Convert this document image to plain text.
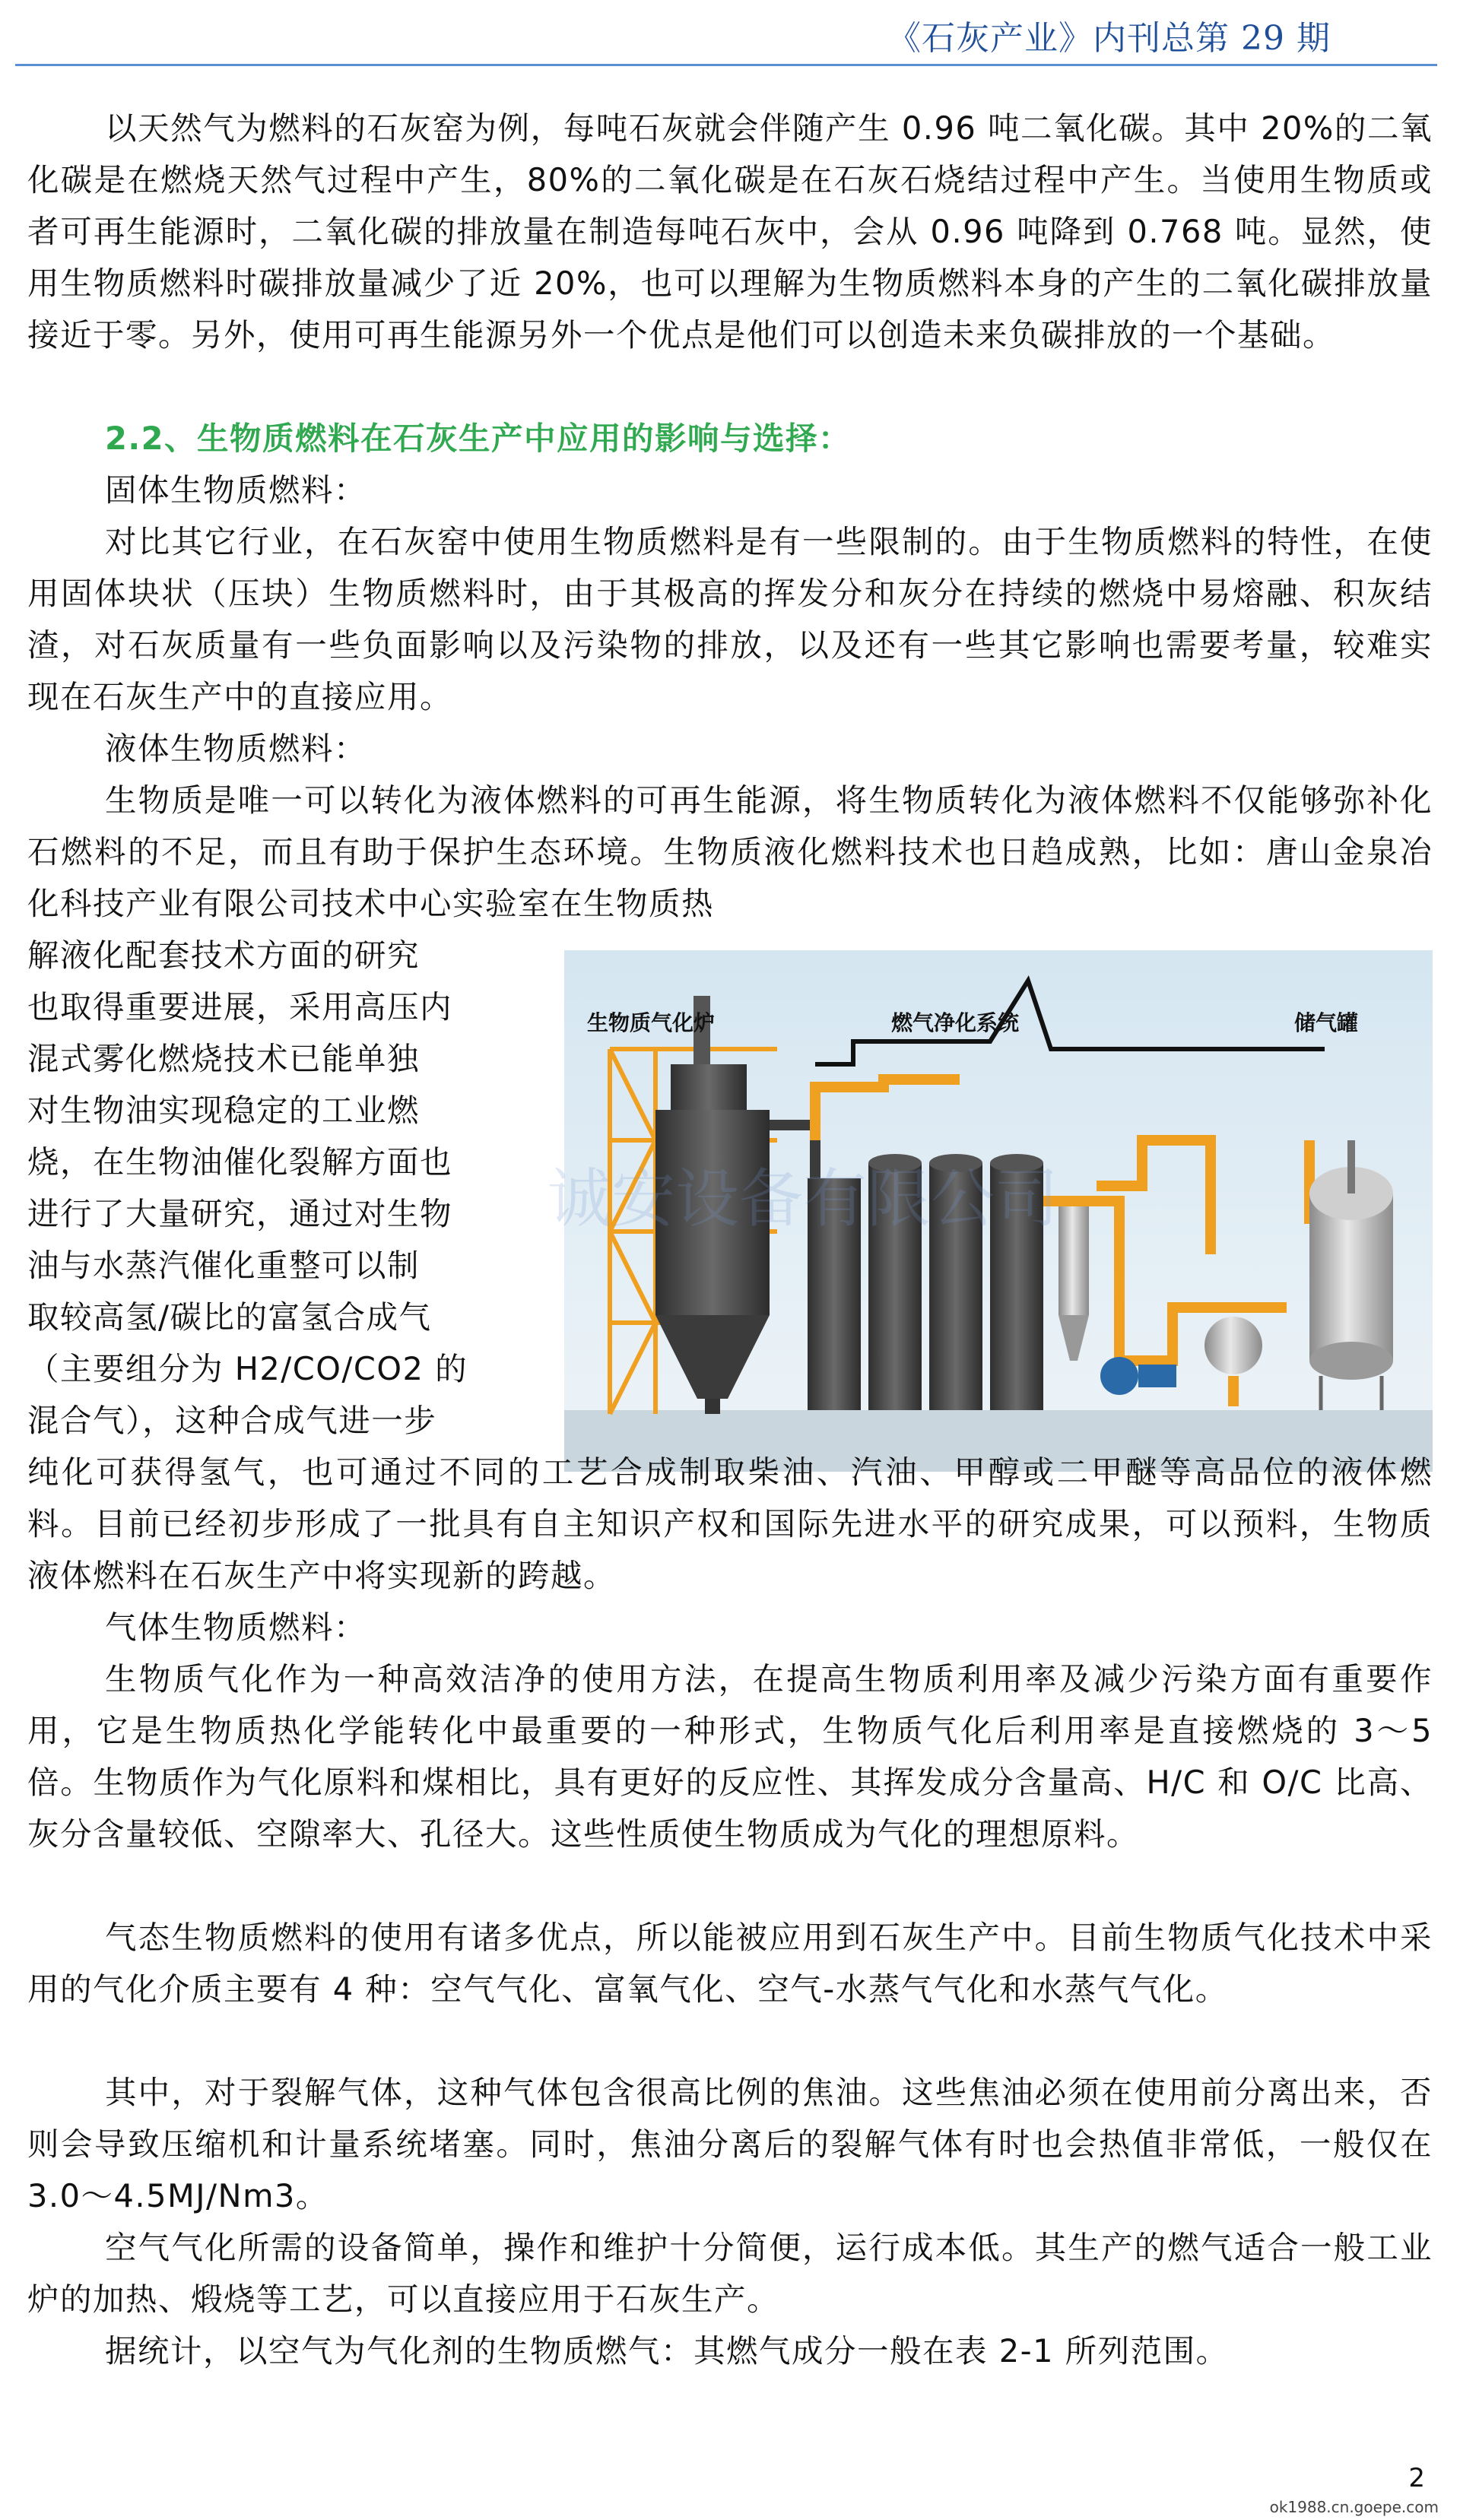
《石灰产业》内刊总第 29 期

以天然气为燃料的石灰窑为例，每吨石灰就会伴随产生 0.96 吨二氧化碳。其中 20%的二氧化碳是在燃烧天然气过程中产生，80%的二氧化碳是在石灰石烧结过程中产生。当使用生物质或者可再生能源时，二氧化碳的排放量在制造每吨石灰中，会从 0.96 吨降到 0.768 吨。显然，使用生物质燃料时碳排放量减少了近 20%，也可以理解为生物质燃料本身的产生的二氧化碳排放量接近于零。另外，使用可再生能源另外一个优点是他们可以创造未来负碳排放的一个基础。

2.2、生物质燃料在石灰生产中应用的影响与选择：

固体生物质燃料：

对比其它行业，在石灰窑中使用生物质燃料是有一些限制的。由于生物质燃料的特性，在使用固体块状（压块）生物质燃料时，由于其极高的挥发分和灰分在持续的燃烧中易熔融、积灰结渣，对石灰质量有一些负面影响以及污染物的排放，以及还有一些其它影响也需要考量，较难实现在石灰生产中的直接应用。

液体生物质燃料：

生物质是唯一可以转化为液体燃料的可再生能源，将生物质转化为液体燃料不仅能够弥补化石燃料的不足，而且有助于保护生态环境。生物质液化燃料技术也日趋成熟，比如：唐山金泉冶化科技产业有限公司技术中心实验室在生物质热

解液化配套技术方面的研究

也取得重要进展，采用高压内

混式雾化燃烧技术已能单独

对生物油实现稳定的工业燃

烧，在生物油催化裂解方面也

进行了大量研究，通过对生物

油与水蒸汽催化重整可以制

取较高氢/碳比的富氢合成气

（主要组分为 H2/CO/CO2 的

混合气），这种合成气进一步

生物质气化炉	燃气净化系统	储气罐

纯化可获得氢气，也可通过不同的工艺合成制取柴油、汽油、甲醇或二甲醚等高品位的液体燃料。目前已经初步形成了一批具有自主知识产权和国际先进水平的研究成果，可以预料，生物质液体燃料在石灰生产中将实现新的跨越。

气体生物质燃料：

生物质气化作为一种高效洁净的使用方法，在提高生物质利用率及减少污染方面有重要作用，它是生物质热化学能转化中最重要的一种形式，生物质气化后利用率是直接燃烧的 3～5 倍。生物质作为气化原料和煤相比，具有更好的反应性、其挥发成分含量高、H/C 和 O/C 比高、灰分含量较低、空隙率大、孔径大。这些性质使生物质成为气化的理想原料。

气态生物质燃料的使用有诸多优点，所以能被应用到石灰生产中。目前生物质气化技术中采用的气化介质主要有 4 种：空气气化、富氧气化、空气-水蒸气气化和水蒸气气化。

其中，对于裂解气体，这种气体包含很高比例的焦油。这些焦油必须在使用前分离出来，否则会导致压缩机和计量系统堵塞。同时，焦油分离后的裂解气体有时也会热值非常低，一般仅在 3.0～4.5MJ/Nm3。

空气气化所需的设备简单，操作和维护十分简便，运行成本低。其生产的燃气适合一般工业炉的加热、煅烧等工艺，可以直接应用于石灰生产。

据统计，以空气为气化剂的生物质燃气：其燃气成分一般在表 2-1 所列范围。

诚安设备有限公司
2
ok1988.cn.goepe.com
